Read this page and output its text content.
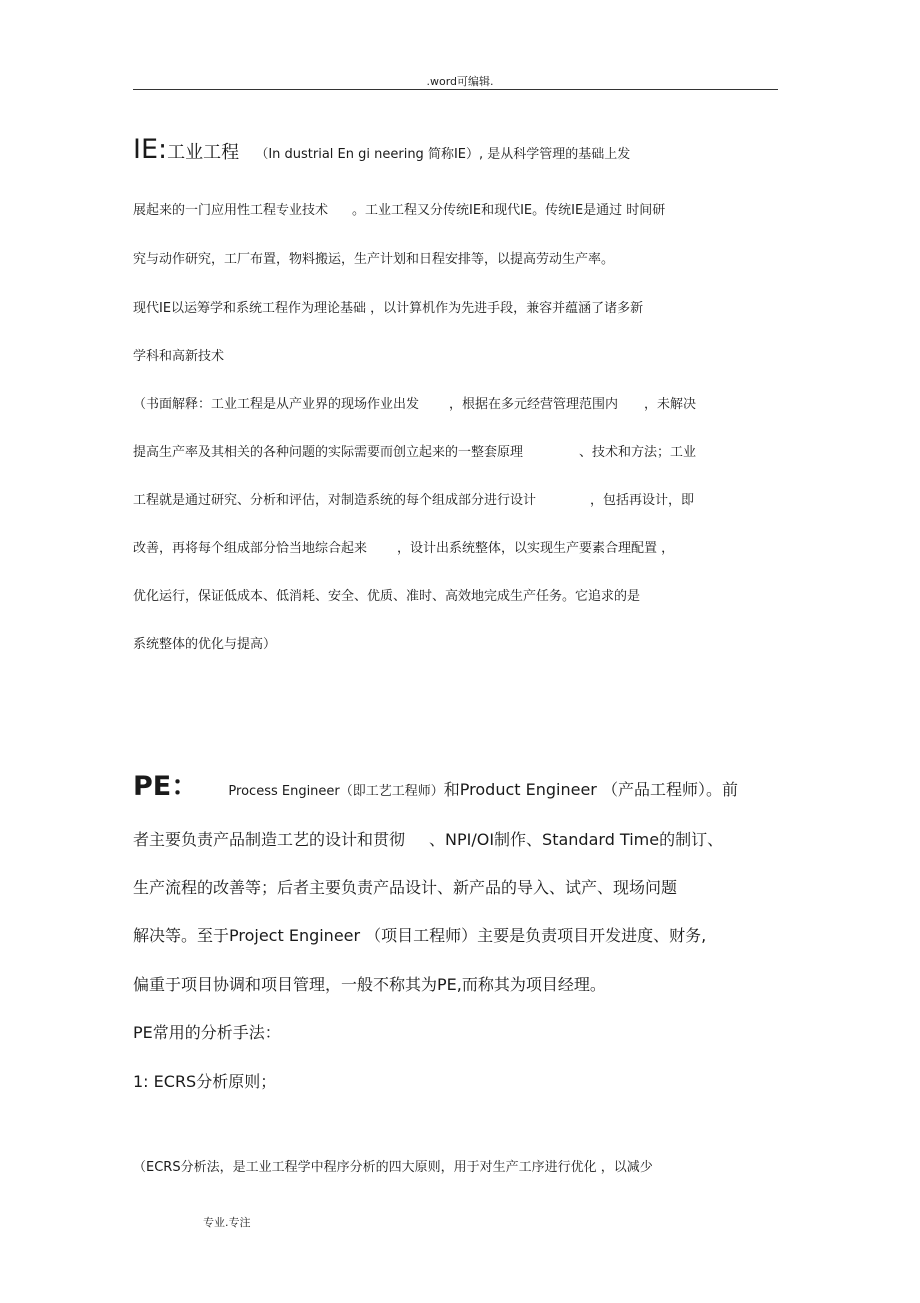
.word可编辑.
IE:工业工程 （In dustrial En gi neering 简称IE）, 是从科学管理的基础上发
展起来的一门应用性工程专业技术 。工业工程又分传统IE和现代IE。传统IE是通过 时间研
究与动作研究，工厂布置，物料搬运，生产计划和日程安排等，以提高劳动生产率。
现代IE以运筹学和系统工程作为理论基础 ，以计算机作为先进手段，兼容并蕴涵了诸多新
学科和高新技术
（书面解释：工业工程是从产业界的现场作业出发 ，根据在多元经营管理范围内 ，未解决
提高生产率及其相关的各种问题的实际需要而创立起来的一整套原理	、技术和方法；工业
工程就是通过研究、分析和评估，对制造系统的每个组成部分进行设计	，包括再设计，即
改善，再将每个组成部分恰当地综合起来 ，设计出系统整体，以实现生产要素合理配置 ，
优化运行，保证低成本、低消耗、安全、优质、准时、高效地完成生产任务。它追求的是
系统整体的优化与提高）
PE： Process Engineer（即工艺工程师）和Product Engineer （产品工程师）。前
者主要负责产品制造工艺的设计和贯彻 、NPI/OI制作、Standard Time的制订、
生产流程的改善等；后者主要负责产品设计、新产品的导入、试产、现场问题
解决等。至于Project Engineer （项目工程师）主要是负责项目开发进度、财务,
偏重于项目协调和项目管理，一般不称其为PE,而称其为项目经理。
PE常用的分析手法：
1: ECRS分析原则；
（ECRS分析法，是工业工程学中程序分析的四大原则，用于对生产工序进行优化 ，以减少
专业.专注
